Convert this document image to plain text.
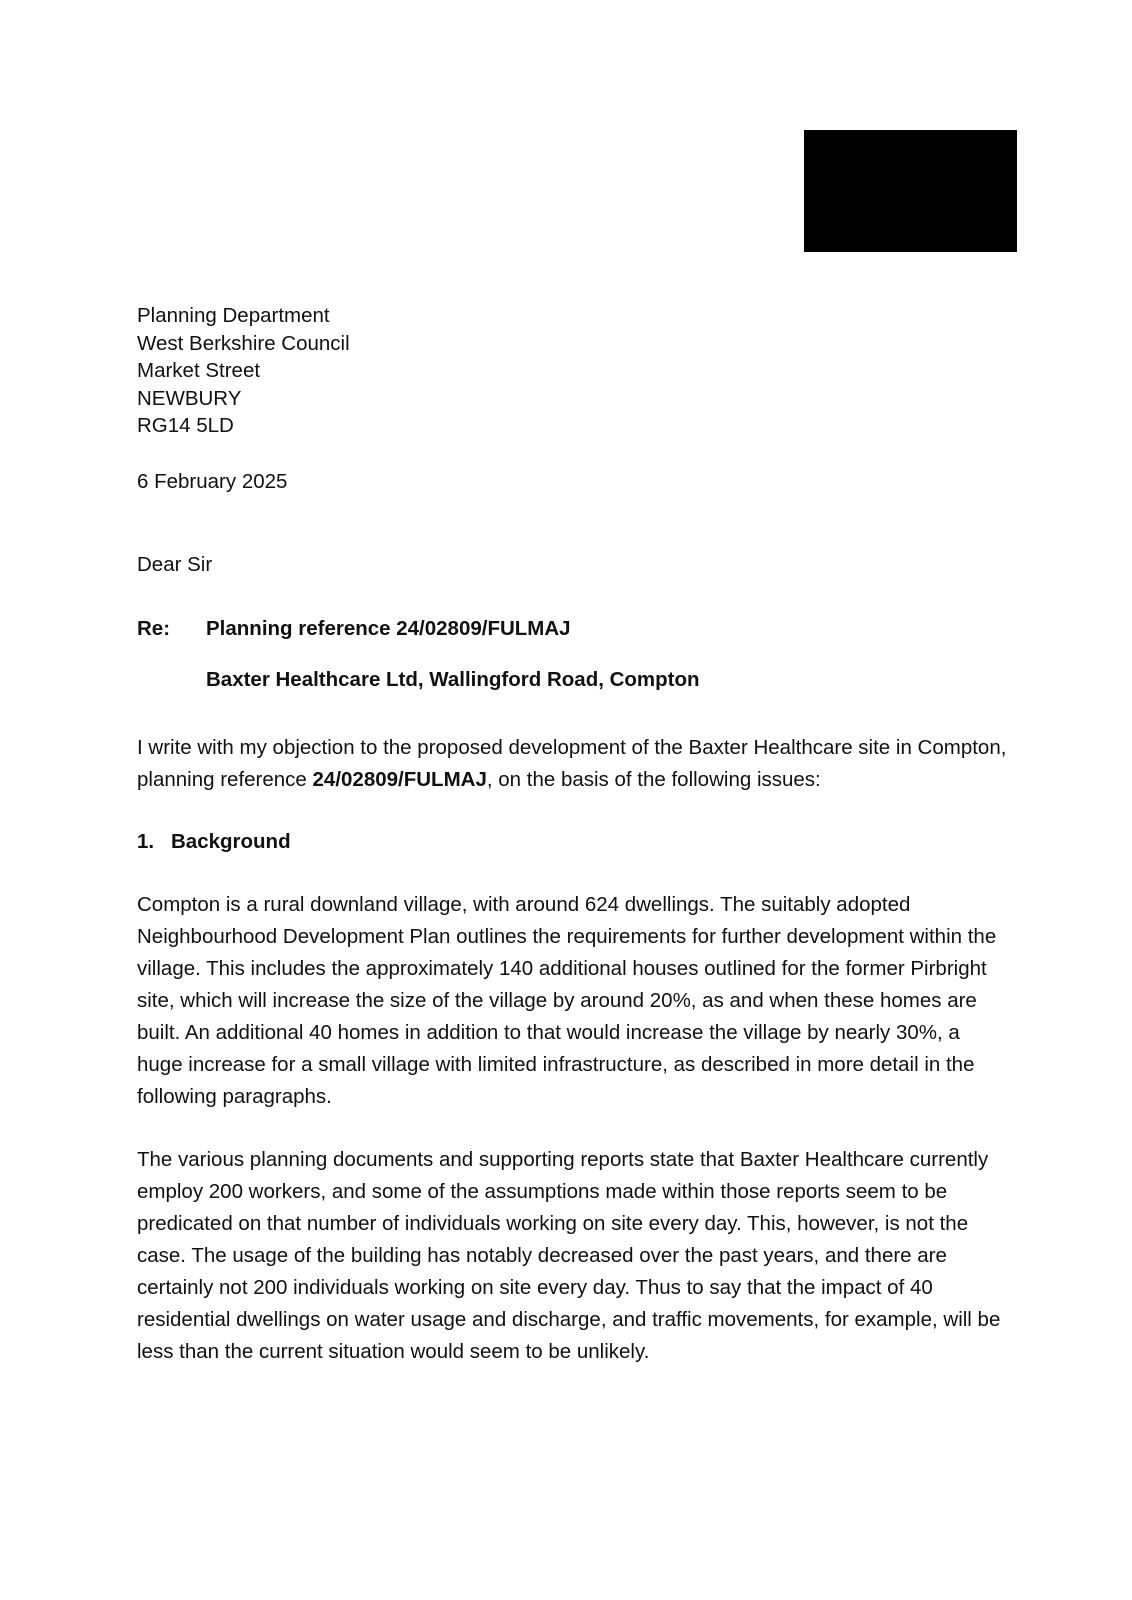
Planning Department
West Berkshire Council
Market Street
NEWBURY
RG14 5LD
6 February 2025
Dear Sir
Re:	Planning reference 24/02809/FULMAJ
Baxter Healthcare Ltd, Wallingford Road, Compton

I write with my objection to the proposed development of the Baxter Healthcare site in Compton, planning reference 24/02809/FULMAJ, on the basis of the following issues:

1. Background

Compton is a rural downland village, with around 624 dwellings. The suitably adopted Neighbourhood Development Plan outlines the requirements for further development within the village. This includes the approximately 140 additional houses outlined for the former Pirbright site, which will increase the size of the village by around 20%, as and when these homes are built. An additional 40 homes in addition to that would increase the village by nearly 30%, a huge increase for a small village with limited infrastructure, as described in more detail in the following paragraphs.

The various planning documents and supporting reports state that Baxter Healthcare currently employ 200 workers, and some of the assumptions made within those reports seem to be predicated on that number of individuals working on site every day. This, however, is not the case. The usage of the building has notably decreased over the past years, and there are certainly not 200 individuals working on site every day. Thus to say that the impact of 40 residential dwellings on water usage and discharge, and traffic movements, for example, will be less than the current situation would seem to be unlikely.
